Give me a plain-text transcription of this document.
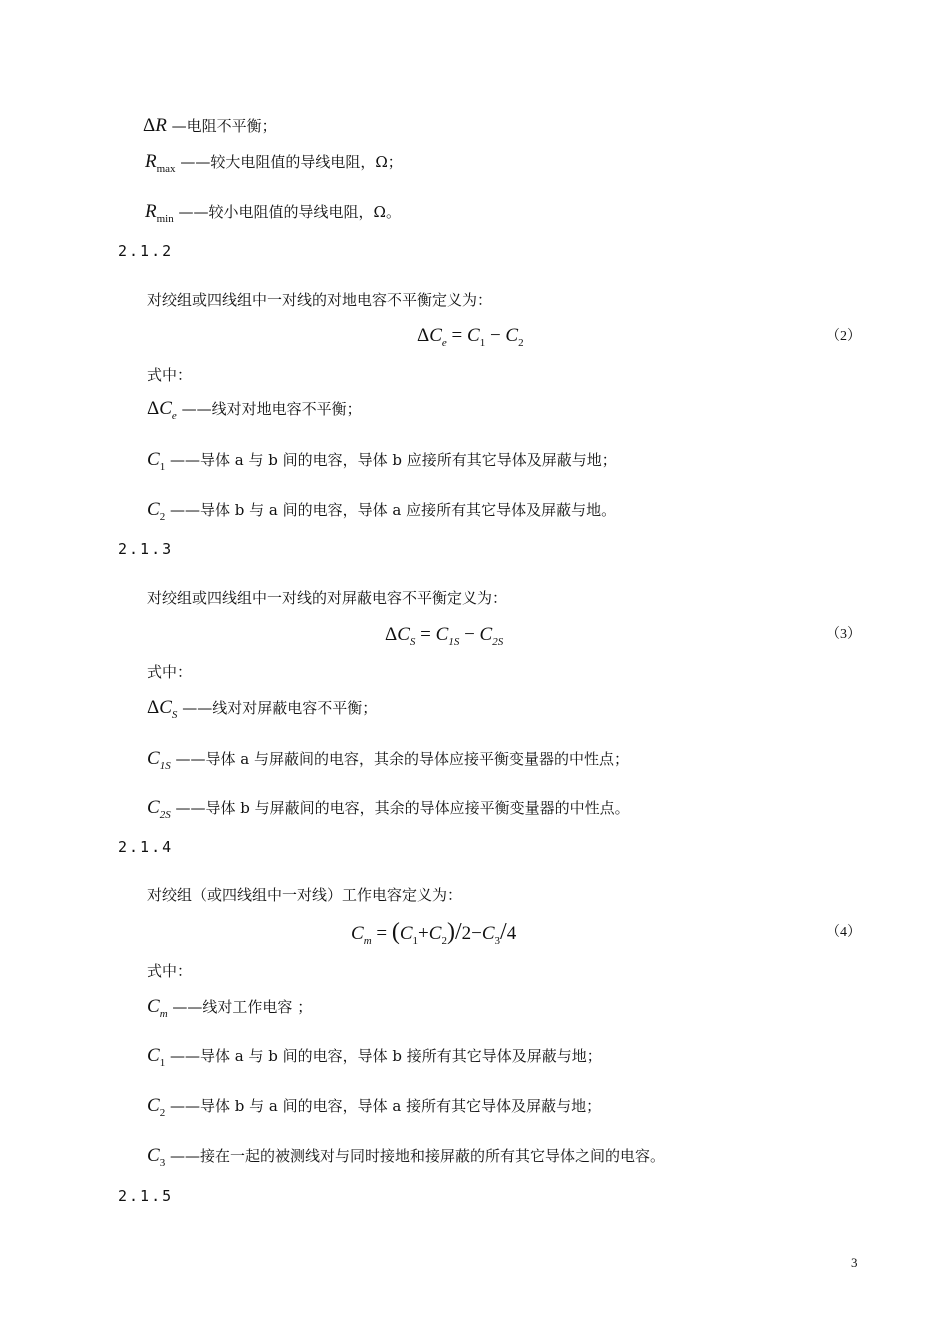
ΔR —电阻不平衡；
$R_{max}$ ——较大电阻值的导线电阻，Ω；
$R_{min}$ ——较小电阻值的导线电阻，Ω。
2.1.2
对绞组或四线组中一对线的对地电容不平衡定义为：
$\Delta C_e = C_1 - C_2$	（2）
式中：
$\Delta C_e$ ——线对对地电容不平衡；
$C_1$ ——导体 a 与 b 间的电容，导体 b 应接所有其它导体及屏蔽与地；
$C_2$ ——导体 b 与 a 间的电容，导体 a 应接所有其它导体及屏蔽与地。
2.1.3
对绞组或四线组中一对线的对屏蔽电容不平衡定义为：
$\Delta C_S = C_{1S} - C_{2S}$	（3）
式中：
$\Delta C_S$ ——线对对屏蔽电容不平衡；
$C_{1S}$ ——导体 a 与屏蔽间的电容，其余的导体应接平衡变量器的中性点；
$C_{2S}$ ——导体 b 与屏蔽间的电容，其余的导体应接平衡变量器的中性点。
2.1.4
对绞组（或四线组中一对线）工作电容定义为：
$C_m = (C_1+C_2)/2-C_3/4$	（4）
式中：
$C_m$ ——线对工作电容 ；
$C_1$ ——导体 a 与 b 间的电容，导体 b 接所有其它导体及屏蔽与地；
$C_2$ ——导体 b 与 a 间的电容，导体 a 接所有其它导体及屏蔽与地；
$C_3$ ——接在一起的被测线对与同时接地和接屏蔽的所有其它导体之间的电容。
2.1.5
3
